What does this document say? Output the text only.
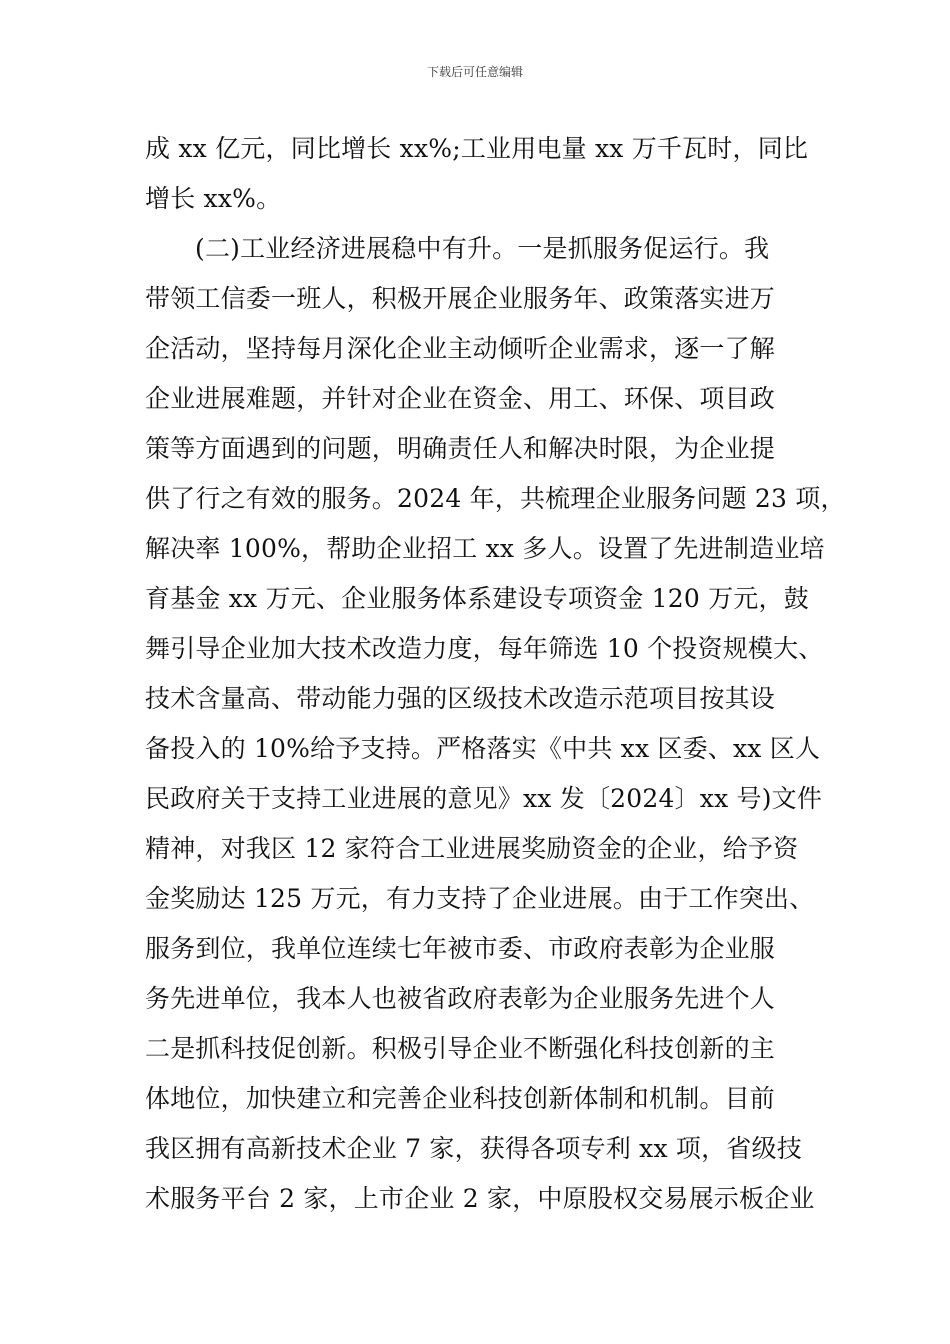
下载后可任意编辑
成 xx 亿元，同比增长 xx%;工业用电量 xx 万千瓦时，同比
增长 xx%。
(二)工业经济进展稳中有升。一是抓服务促运行。我
带领工信委一班人，积极开展企业服务年、政策落实进万
企活动，坚持每月深化企业主动倾听企业需求，逐一了解
企业进展难题，并针对企业在资金、用工、环保、项目政
策等方面遇到的问题，明确责任人和解决时限，为企业提
供了行之有效的服务。2024 年，共梳理企业服务问题 23 项，
解决率 100%，帮助企业招工 xx 多人。设置了先进制造业培
育基金 xx 万元、企业服务体系建设专项资金 120 万元，鼓
舞引导企业加大技术改造力度，每年筛选 10 个投资规模大、
技术含量高、带动能力强的区级技术改造示范项目按其设
备投入的 10%给予支持。严格落实《中共 xx 区委、xx 区人
民政府关于支持工业进展的意见》xx 发〔2024〕xx 号)文件
精神，对我区 12 家符合工业进展奖励资金的企业，给予资
金奖励达 125 万元，有力支持了企业进展。由于工作突出、
服务到位，我单位连续七年被市委、市政府表彰为企业服
务先进单位，我本人也被省政府表彰为企业服务先进个人
二是抓科技促创新。积极引导企业不断强化科技创新的主
体地位，加快建立和完善企业科技创新体制和机制。目前
我区拥有高新技术企业 7 家，获得各项专利 xx 项，省级技
术服务平台 2 家，上市企业 2 家，中原股权交易展示板企业
